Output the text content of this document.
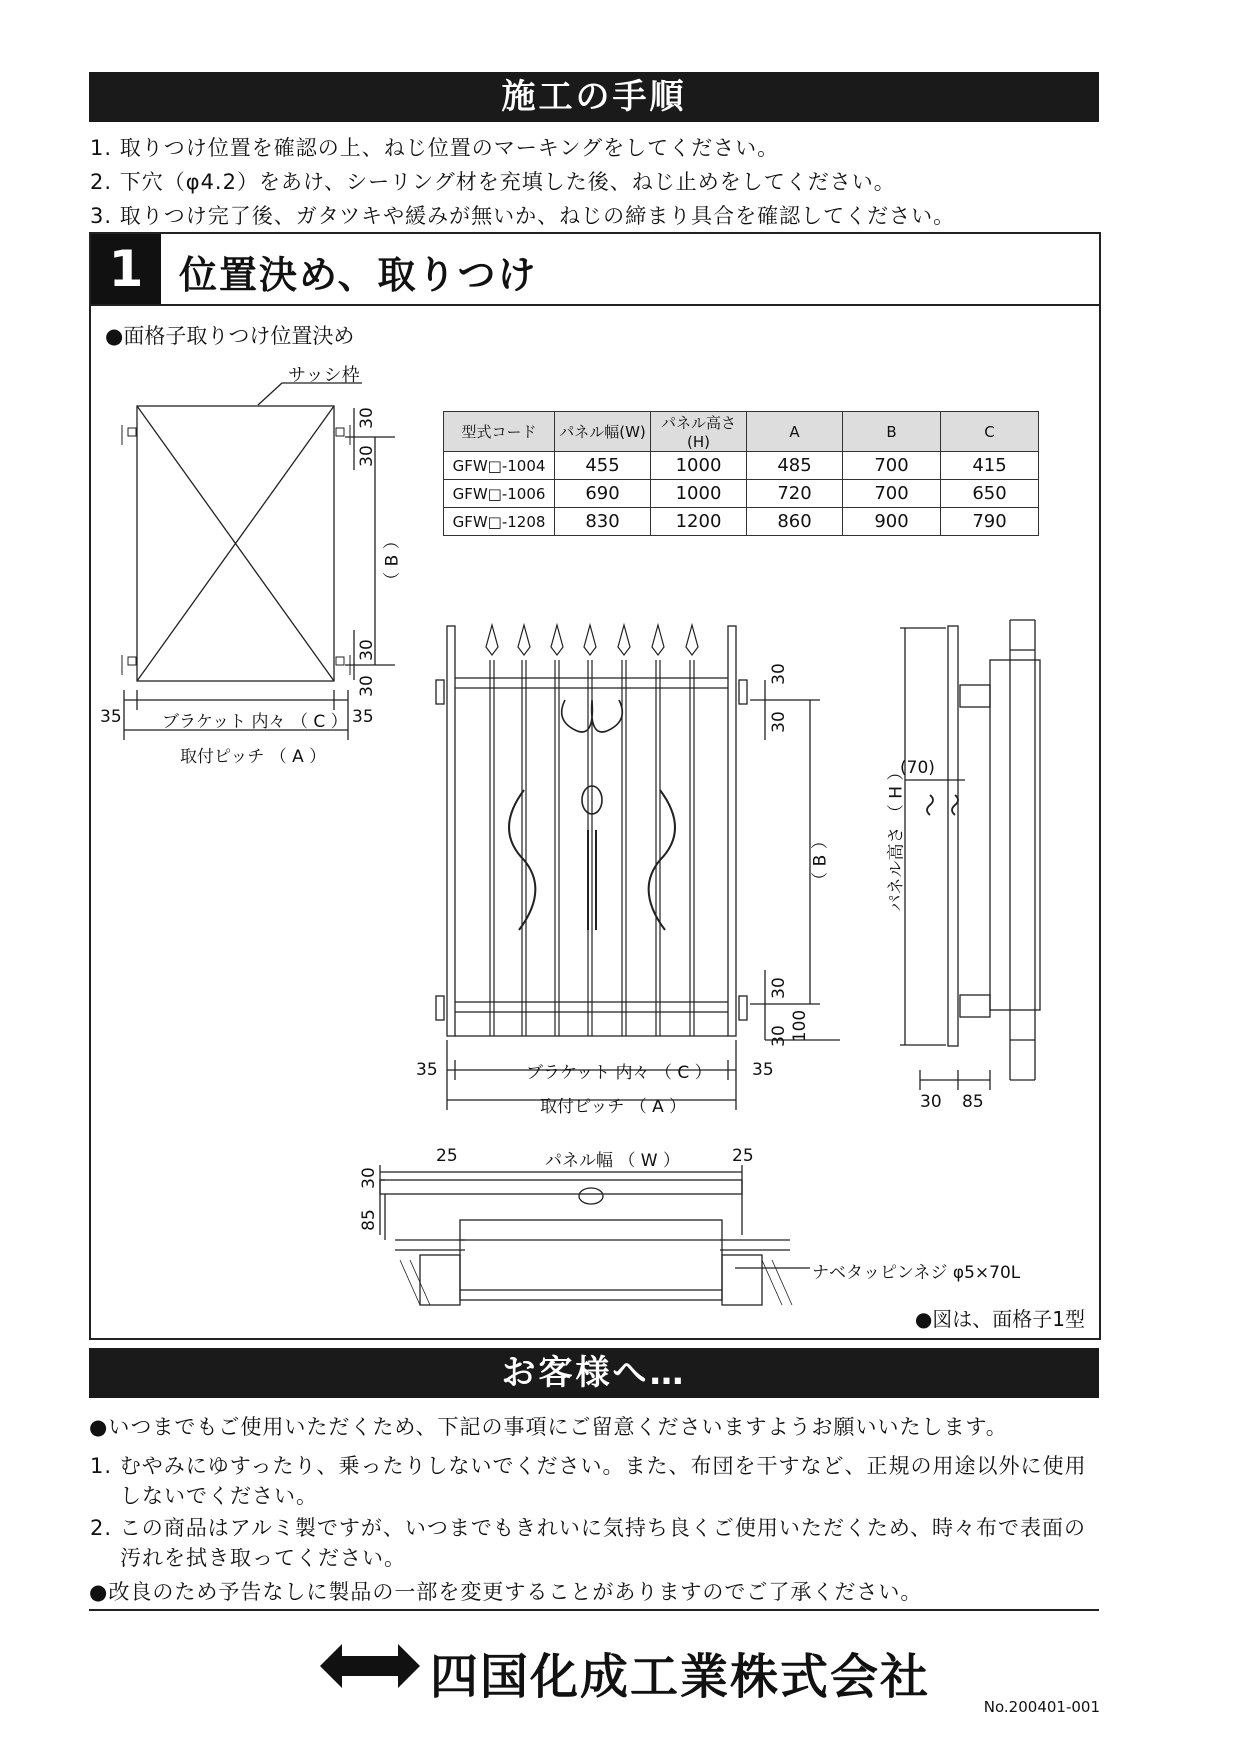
施工の手順
1. 取りつけ位置を確認の上、ねじ位置のマーキングをしてください。
2. 下穴（φ4.2）をあけ、シーリング材を充填した後、ねじ止めをしてください。
3. 取りつけ完了後、ガタツキや緩みが無いか、ねじの締まり具合を確認してください。
1 位置決め、取りつけ
●面格子取りつけ位置決め
●図は、面格子1型
サッシ枠
30
30
（ B ）
30
30
35 ブラケット 内々 （ C ） 35
取付ピッチ （ A ）
型式コード	パネル幅(W)	パネル高さ(H)	A	B	C
GFW□-1004	455	1000	485	700	415
GFW□-1006	690	1000	720	700	650
GFW□-1208	830	1200	860	900	790
30
30
（ B ）
30
30 100
35	ブラケット 内々 （ C ） 35
取付ピッチ （ A ）
(70)
パネル高さ （ H ）
30 85
25	パネル幅 （ W ）	25
30
85
ナベタッピンネジ φ5×70L
お客様へ…
●いつまでもご使用いただくため、下記の事項にご留意くださいますようお願いいたします。
1. むやみにゆすったり、乗ったりしないでください。また、布団を干すなど、正規の用途以外に使用
しないでください。
2. この商品はアルミ製ですが、いつまでもきれいに気持ち良くご使用いただくため、時々布で表面の
汚れを拭き取ってください。
●改良のため予告なしに製品の一部を変更することがありますのでご了承ください。
四国化成工業株式会社
No.200401-001
